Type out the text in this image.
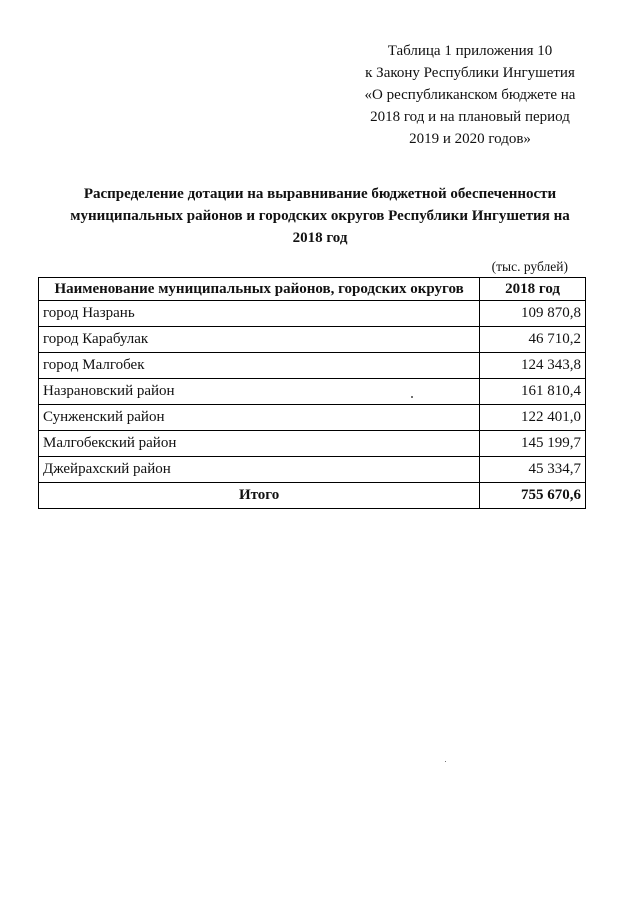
Таблица 1 приложения 10
к Закону Республики Ингушетия
«О республиканском бюджете на
2018 год и на плановый период
2019 и 2020 годов»
Распределение дотации на выравнивание бюджетной обеспеченности
муниципальных районов и городских округов Республики Ингушетия на
2018 год
(тыс. рублей)
Наименование муниципальных районов, городских округов	2018 год
город Назрань	109 870,8
город Карабулак	46 710,2
город Малгобек	124 343,8
Назрановский район	161 810,4
Сунженский район	122 401,0
Малгобекский район	145 199,7
Джейрахский район	45 334,7
Итого	755 670,6
